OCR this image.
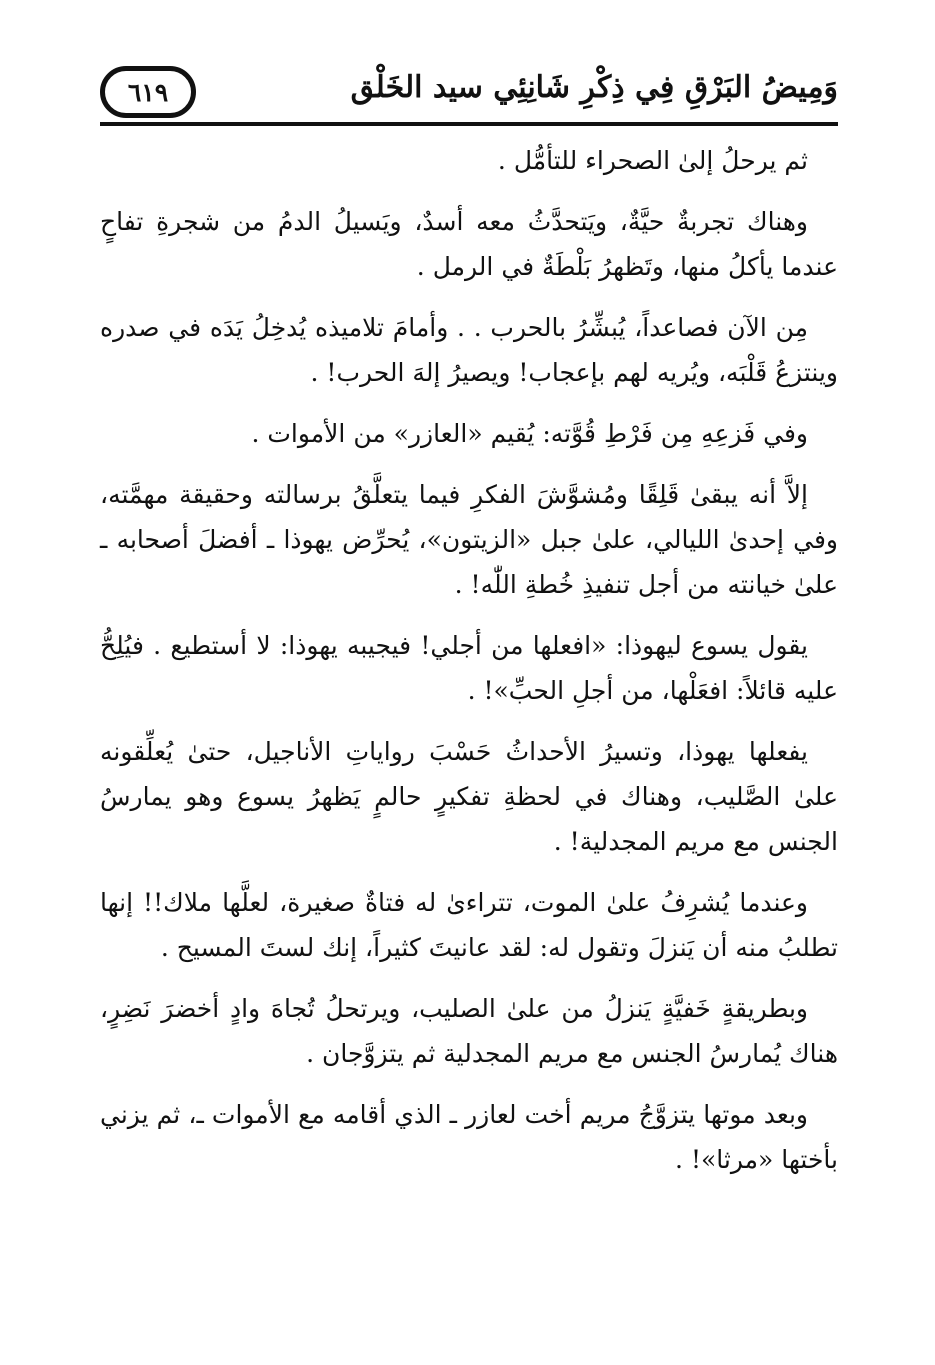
٦١٩	وَمِيضُ البَرْقِ فِي ذِكْرِ شَانِئِي سيد الخَلْق

ثم يرحلُ إلىٰ الصحراء للتأمُّل .

وهناك تجربةٌ حيَّةٌ، ويَتحدَّثُ معه أسدٌ، ويَسيلُ الدمُ من شجرةِ تفاحٍ عندما يأكلُ منها، وتَظهرُ بَلْطَةٌ في الرمل .

مِن الآن فصاعداً، يُبشِّرُ بالحرب . . وأمامَ تلاميذه يُدخِلُ يَدَه في صدره وينتزعُ قَلْبَه، ويُريه لهم بإعجاب! ويصيرُ إلهَ الحرب! .

وفي فَزعِهِ مِن فَرْطِ قُوَّته: يُقيم «العازر» من الأموات .

إلاَّ أنه يبقىٰ قَلِقًا ومُشوَّشَ الفكرِ فيما يتعلَّقُ برسالته وحقيقة مهمَّته، وفي إحدىٰ الليالي، علىٰ جبل «الزيتون»، يُحرِّض يهوذا ـ أفضلَ أصحابه ـ علىٰ خيانته من أجل تنفيذِ خُطةِ اللّٰه! .

يقول يسوع ليهوذا: «افعلها من أجلي! فيجيبه يهوذا: لا أستطيع . فيُلِحُّ عليه قائلاً: افعَلْها، من أجلِ الحبِّ»! .

يفعلها يهوذا، وتسيرُ الأحداثُ حَسْبَ رواياتِ الأناجيل، حتىٰ يُعلِّقونه علىٰ الصَّليب، وهناك في لحظةِ تفكيرٍ حالمٍ يَظهرُ يسوع وهو يمارسُ الجنس مع مريم المجدلية! .

وعندما يُشرِفُ علىٰ الموت، تتراءىٰ له فتاةٌ صغيرة، لعلَّها ملاك!! إنها تطلبُ منه أن يَنزلَ وتقول له: لقد عانيتَ كثيراً، إنك لستَ المسيح .

وبطريقةٍ خَفيَّةٍ يَنزلُ من علىٰ الصليب، ويرتحلُ تُجاهَ وادٍ أخضرَ نَضِرٍ، هناك يُمارسُ الجنس مع مريم المجدلية ثم يتزوَّجان .

وبعد موتها يتزوَّجُ مريم أخت لعازر ـ الذي أقامه مع الأموات ـ، ثم يزني بأختها «مرثا»! .
